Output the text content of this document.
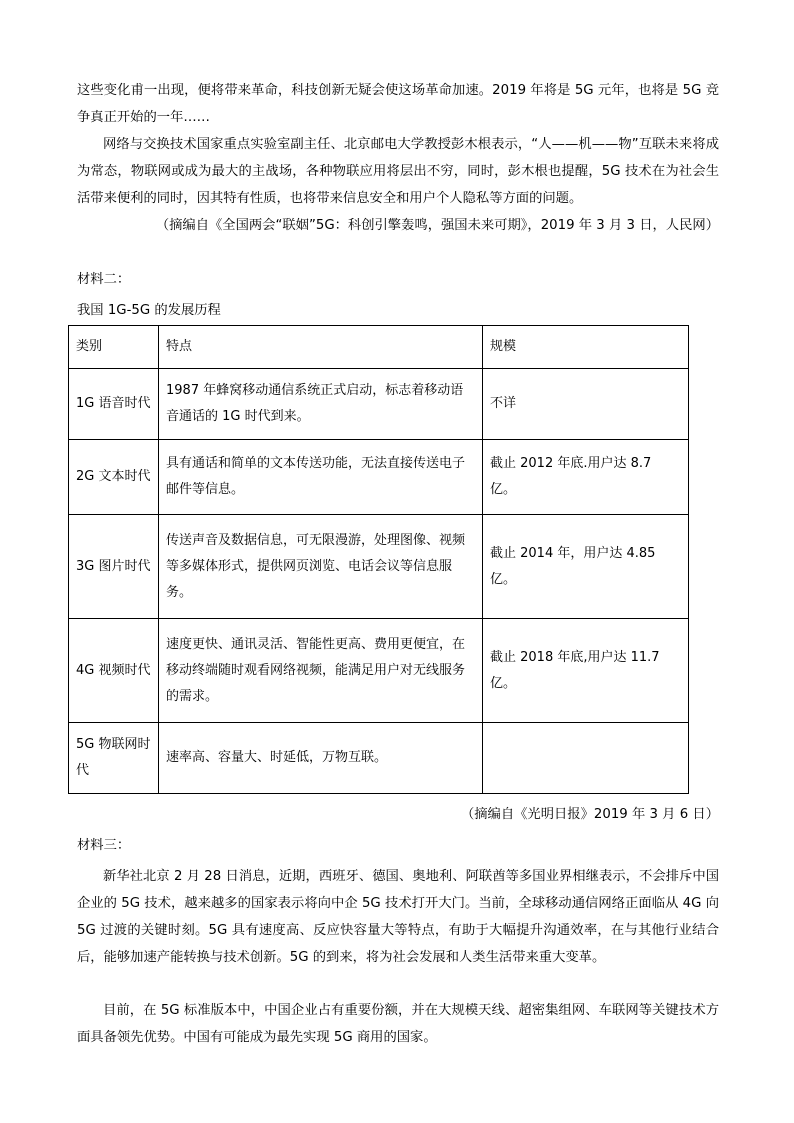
这些变化甫一出现，便将带来革命，科技创新无疑会使这场革命加速。2019 年将是 5G 元年，也将是 5G 竞争真正开始的一年……

网络与交换技术国家重点实验室副主任、北京邮电大学教授彭木根表示，“人——机——物”互联未来将成为常态，物联网或成为最大的主战场，各种物联应用将层出不穷，同时，彭木根也提醒，5G 技术在为社会生活带来便利的同时，因其特有性质，也将带来信息安全和用户个人隐私等方面的问题。

（摘编自《全国两会“联姻”5G：科创引擎轰鸣，强国未来可期》，2019 年 3 月 3 日，人民网）

材料二：

我国 1G-5G 的发展历程

类别	特点	规模
1G 语音时代	1987 年蜂窝移动通信系统正式启动，标志着移动语音通话的 1G 时代到来。	不详
2G 文本时代	具有通话和简单的文本传送功能，无法直接传送电子邮件等信息。	截止 2012 年底.用户达 8.7 亿。
3G 图片时代	传送声音及数据信息，可无限漫游，处理图像、视频等多媒体形式，提供网页浏览、电话会议等信息服务。	截止 2014 年，用户达 4.85 亿。
4G 视频时代	速度更快、通讯灵活、智能性更高、费用更便宜，在移动终端随时观看网络视频，能满足用户对无线服务的需求。	截止 2018 年底,用户达 11.7 亿。
5G 物联网时代	速率高、容量大、时延低，万物互联。	

（摘编自《光明日报》2019 年 3 月 6 日）

材料三：

新华社北京 2 月 28 日消息，近期，西班牙、德国、奥地利、阿联酋等多国业界相继表示，不会排斥中国企业的 5G 技术，越来越多的国家表示将向中企 5G 技术打开大门。当前，全球移动通信网络正面临从 4G 向 5G 过渡的关键时刻。5G 具有速度高、反应快容量大等特点，有助于大幅提升沟通效率，在与其他行业结合后，能够加速产能转换与技术创新。5G 的到来，将为社会发展和人类生活带来重大变革。

目前，在 5G 标准版本中，中国企业占有重要份额，并在大规模天线、超密集组网、车联网等关键技术方面具备领先优势。中国有可能成为最先实现 5G 商用的国家。
